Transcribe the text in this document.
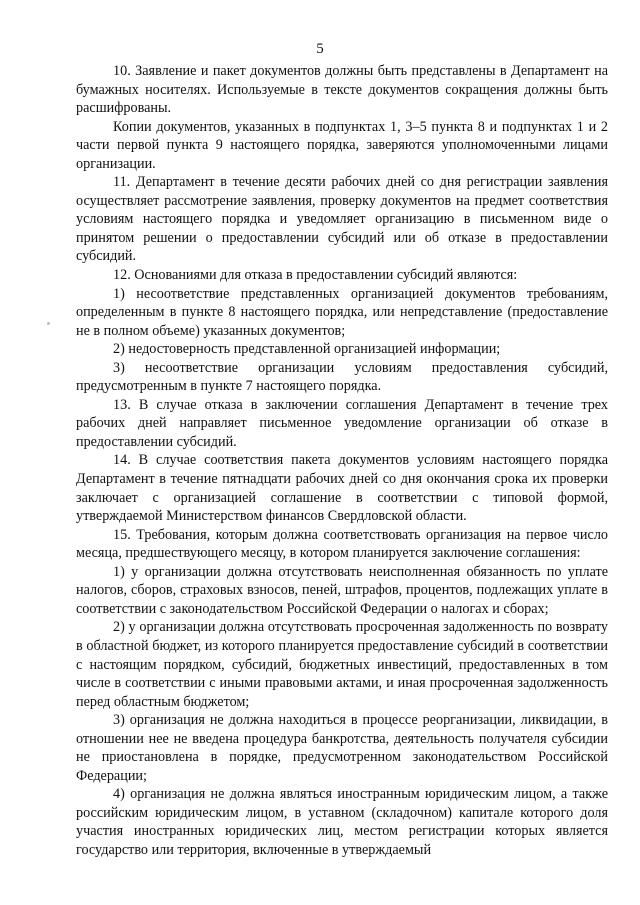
5

10. Заявление и пакет документов должны быть представлены в Департамент на бумажных носителях. Используемые в тексте документов сокращения должны быть расшифрованы.

Копии документов, указанных в подпунктах 1, 3–5 пункта 8 и подпунктах 1 и 2 части первой пункта 9 настоящего порядка, заверяются уполномоченными лицами организации.

11. Департамент в течение десяти рабочих дней со дня регистрации заявления осуществляет рассмотрение заявления, проверку документов на предмет соответствия условиям настоящего порядка и уведомляет организацию в письменном виде о принятом решении о предоставлении субсидий или об отказе в предоставлении субсидий.

12. Основаниями для отказа в предоставлении субсидий являются:

1) несоответствие представленных организацией документов требованиям, определенным в пункте 8 настоящего порядка, или непредставление (предоставление не в полном объеме) указанных документов;

2) недостоверность представленной организацией информации;

3) несоответствие организации условиям предоставления субсидий, предусмотренным в пункте 7 настоящего порядка.

13. В случае отказа в заключении соглашения Департамент в течение трех рабочих дней направляет письменное уведомление организации об отказе в предоставлении субсидий.

14. В случае соответствия пакета документов условиям настоящего порядка Департамент в течение пятнадцати рабочих дней со дня окончания срока их проверки заключает с организацией соглашение в соответствии с типовой формой, утверждаемой Министерством финансов Свердловской области.

15. Требования, которым должна соответствовать организация на первое число месяца, предшествующего месяцу, в котором планируется заключение соглашения:

1) у организации должна отсутствовать неисполненная обязанность по уплате налогов, сборов, страховых взносов, пеней, штрафов, процентов, подлежащих уплате в соответствии с законодательством Российской Федерации о налогах и сборах;

2) у организации должна отсутствовать просроченная задолженность по возврату в областной бюджет, из которого планируется предоставление субсидий в соответствии с настоящим порядком, субсидий, бюджетных инвестиций, предоставленных в том числе в соответствии с иными правовыми актами, и иная просроченная задолженность перед областным бюджетом;

3) организация не должна находиться в процессе реорганизации, ликвидации, в отношении нее не введена процедура банкротства, деятельность получателя субсидии не приостановлена в порядке, предусмотренном законодательством Российской Федерации;

4) организация не должна являться иностранным юридическим лицом, а также российским юридическим лицом, в уставном (складочном) капитале которого доля участия иностранных юридических лиц, местом регистрации которых является государство или территория, включенные в утверждаемый
